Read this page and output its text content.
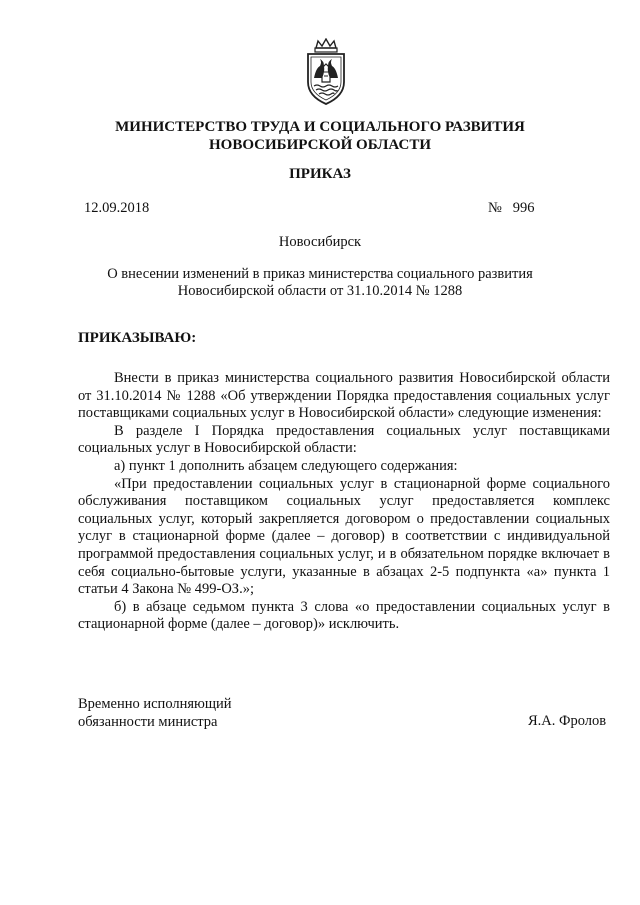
МИНИСТЕРСТВО ТРУДА И СОЦИАЛЬНОГО РАЗВИТИЯ
НОВОСИБИРСКОЙ ОБЛАСТИ
ПРИКАЗ
12.09.2018	№ 996
Новосибирск
О внесении изменений в приказ министерства социального развития Новосибирской области от 31.10.2014 № 1288
ПРИКАЗЫВАЮ:

Внести в приказ министерства социального развития Новосибирской области от 31.10.2014 № 1288 «Об утверждении Порядка предоставления социальных услуг поставщиками социальных услуг в Новосибирской области» следующие изменения:

В разделе I Порядка предоставления социальных услуг поставщиками социальных услуг в Новосибирской области:

а) пункт 1 дополнить абзацем следующего содержания:

«При предоставлении социальных услуг в стационарной форме социального обслуживания поставщиком социальных услуг предоставляется комплекс социальных услуг, который закрепляется договором о предоставлении социальных услуг в стационарной форме (далее – договор) в соответствии с индивидуальной программой предоставления социальных услуг, и в обязательном порядке включает в себя социально-бытовые услуги, указанные в абзацах 2-5 подпункта «а» пункта 1 статьи 4 Закона № 499-ОЗ.»;

б) в абзаце седьмом пункта 3 слова «о предоставлении социальных услуг в стационарной форме (далее – договор)» исключить.

Временно исполняющий
обязанности министра	Я.А. Фролов
